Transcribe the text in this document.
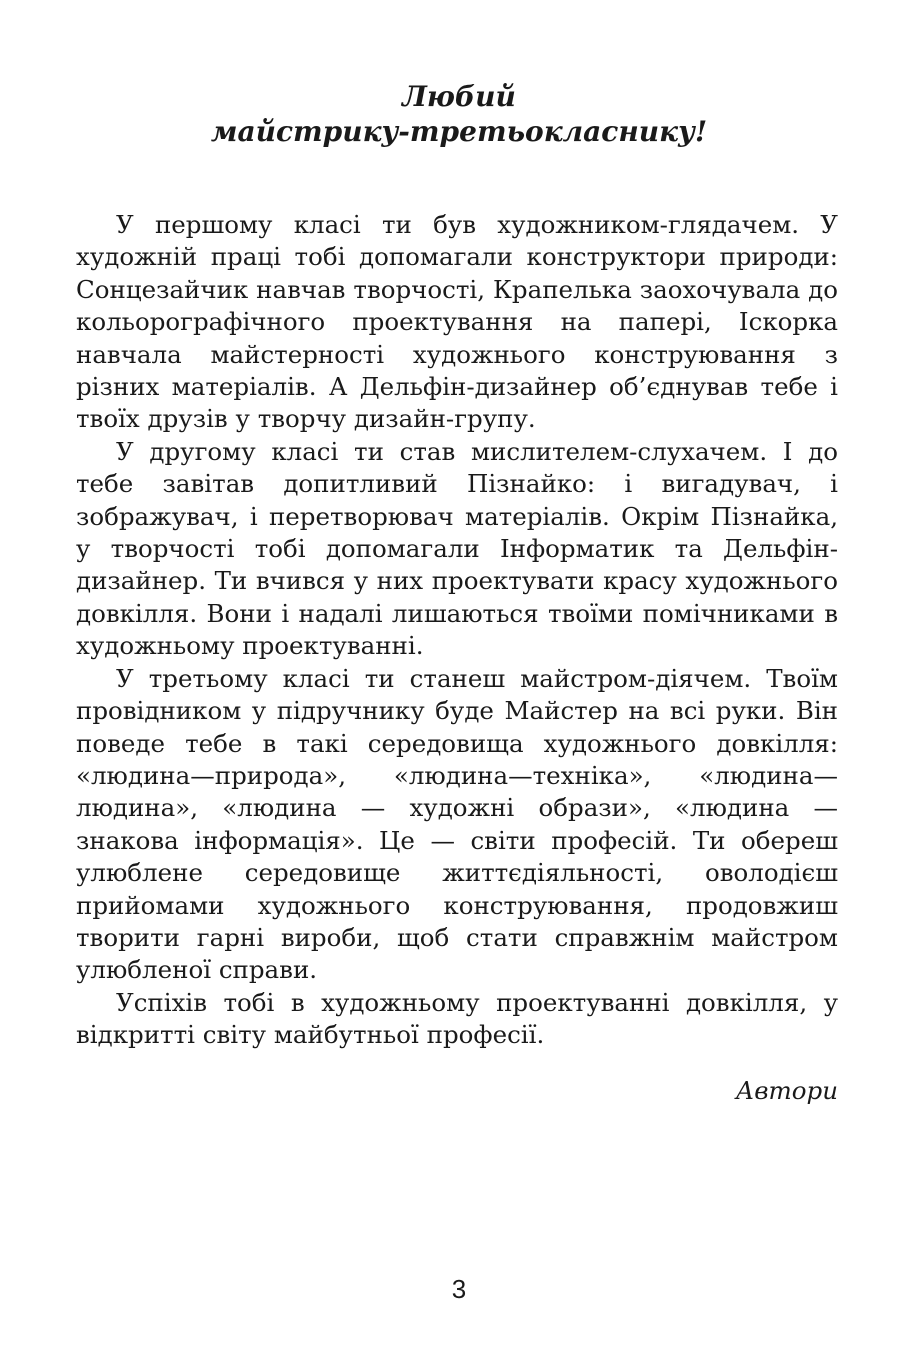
Любий
майстрику-третьокласнику!

У першому класі ти був художником-глядачем. У художній праці тобі допомагали конструктори природи: Сонцезайчик навчав творчості, Крапелька заохочувала до кольорографічного проектування на папері, Іскорка навчала майстерності художнього конструювання з різних матеріалів. А Дельфін-дизайнер об’єднував тебе і твоїх друзів у творчу дизайн-групу.

У другому класі ти став мислителем-слухачем. І до тебе завітав допитливий Пізнайко: і вигадувач, і зображувач, і перетворювач матеріалів. Окрім Пізнайка, у творчості тобі допомагали Інформатик та Дельфін-дизайнер. Ти вчився у них проектувати красу художнього довкілля. Вони і надалі лишаються твоїми помічниками в художньому проектуванні.

У третьому класі ти станеш майстром-діячем. Твоїм провідником у підручнику буде Майстер на всі руки. Він поведе тебе в такі середовища художнього довкілля: «людина—природа», «людина—техніка», «людина—людина», «людина — художні образи», «людина — знакова інформація». Це — світи професій. Ти обереш улюблене середовище життєдіяльності, оволодієш прийомами художнього конструювання, продовжиш творити гарні вироби, щоб стати справжнім майстром улюбленої справи.

Успіхів тобі в художньому проектуванні довкілля, у відкритті світу майбутньої професії.

Автори

3
